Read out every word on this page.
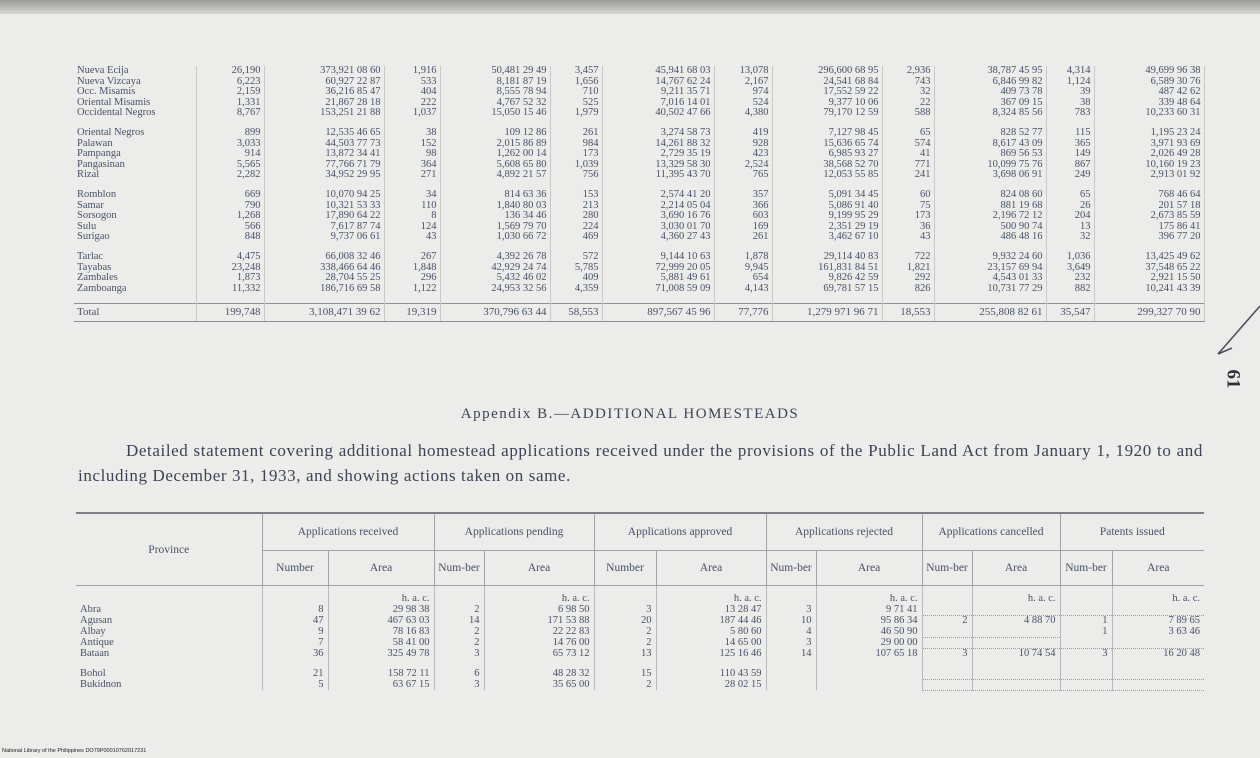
Nueva Ecija	26,190	373,921 08 60	1,916	50,481 29 49	3,457	45,941 68 03	13,078	296,600 68 95	2,936	38,787 45 95	4,314	49,699 96 38
Nueva Vizcaya	6,223	60,927 22 87	533	8,181 87 19	1,656	14,767 62 24	2,167	24,541 68 84	743	6,846 99 82	1,124	6,589 30 76
Occ. Misamis	2,159	36,216 85 47	404	8,555 78 94	710	9,211 35 71	974	17,552 59 22	32	409 73 78	39	487 42 62
Oriental Misamis	1,331	21,867 28 18	222	4,767 52 32	525	7,016 14 01	524	9,377 10 06	22	367 09 15	38	339 48 64
Occidental Negros	8,767	153,251 21 88	1,037	15,050 15 46	1,979	40,502 47 66	4,380	79,170 12 59	588	8,324 85 56	783	10,233 60 31

Oriental Negros	899	12,535 46 65	38	109 12 86	261	3,274 58 73	419	7,127 98 45	65	828 52 77	115	1,195 23 24
Palawan	3,033	44,503 77 73	152	2,015 86 89	984	14,261 88 32	928	15,636 65 74	574	8,617 43 09	365	3,971 93 69
Pampanga	914	13,872 34 41	98	1,262 00 14	173	2,729 35 19	423	6,985 93 27	41	869 56 53	149	2,026 49 28
Pangasinan	5,565	77,766 71 79	364	5,608 65 80	1,039	13,329 58 30	2,524	38,568 52 70	771	10,099 75 76	867	10,160 19 23
Rizal	2,282	34,952 29 95	271	4,892 21 57	756	11,395 43 70	765	12,053 55 85	241	3,698 06 91	249	2,913 01 92

Romblon	669	10,070 94 25	34	814 63 36	153	2,574 41 20	357	5,091 34 45	60	824 08 60	65	768 46 64
Samar	790	10,321 53 33	110	1,840 80 03	213	2,214 05 04	366	5,086 91 40	75	881 19 68	26	201 57 18
Sorsogon	1,268	17,890 64 22	8	136 34 46	280	3,690 16 76	603	9,199 95 29	173	2,196 72 12	204	2,673 85 59
Sulu	566	7,617 87 74	124	1,569 79 70	224	3,030 01 70	169	2,351 29 19	36	500 90 74	13	175 86 41
Surigao	848	9,737 06 61	43	1,030 66 72	469	4,360 27 43	261	3,462 67 10	43	486 48 16	32	396 77 20

Tarlac	4,475	66,008 32 46	267	4,392 26 78	572	9,144 10 63	1,878	29,114 40 83	722	9,932 24 60	1,036	13,425 49 62
Tayabas	23,248	338,466 64 46	1,848	42,929 24 74	5,785	72,999 20 05	9,945	161,831 84 51	1,821	23,157 69 94	3,649	37,548 65 22
Zambales	1,873	28,704 55 25	296	5,432 46 02	409	5,881 49 61	654	9,826 42 59	292	4,543 01 33	232	2,921 15 50
Zamboanga	11,332	186,716 69 58	1,122	24,953 32 56	4,359	71,008 59 09	4,143	69,781 57 15	826	10,731 77 29	882	10,241 43 39

Total	199,748	3,108,471 39 62	19,319	370,796 63 44	58,553	897,567 45 96	77,776	1,279 971 96 71	18,553	255,808 82 61	35,547	299,327 70 90
61
Appendix B.—ADDITIONAL HOMESTEADS
Detailed statement covering additional homestead applications received under the provisions of the Public Land Act from January 1, 1920 to and including December 31, 1933, and showing actions taken on same.
Province	Applications received		Applications pending		Applications approved		Applications rejected		Applications cancelled		Patents issued	
	Number	Area	Num-ber	Area	Number	Area	Num-ber	Area	Num-ber	Area	Num-ber	Area
		h. a. c.		h. a. c.		h. a. c.		h. a. c.		h. a. c.		h. a. c.
Abra	8	29 98 38	2	6 98 50	3	13 28 47	3	9 71 41				
Agusan	47	467 63 03	14	171 53 88	20	187 44 46	10	95 86 34	2	4 88 70	1	7 89 65
Albay	9	78 16 83	2	22 22 83	2	5 80 60	4	46 50 90			1	3 63 46
Antique	7	58 41 00	2	14 76 00	2	14 65 00	3	29 00 00				
Bataan	36	325 49 78	3	65 73 12	13	125 16 46	14	107 65 18	3	10 74 54	3	16 20 48

Bohol	21	158 72 11	6	48 28 32	15	110 43 59						
Bukidnon	5	63 67 15	3	35 65 00	2	28 02 15						
National Library of the Philippines DO79P00010762017231
